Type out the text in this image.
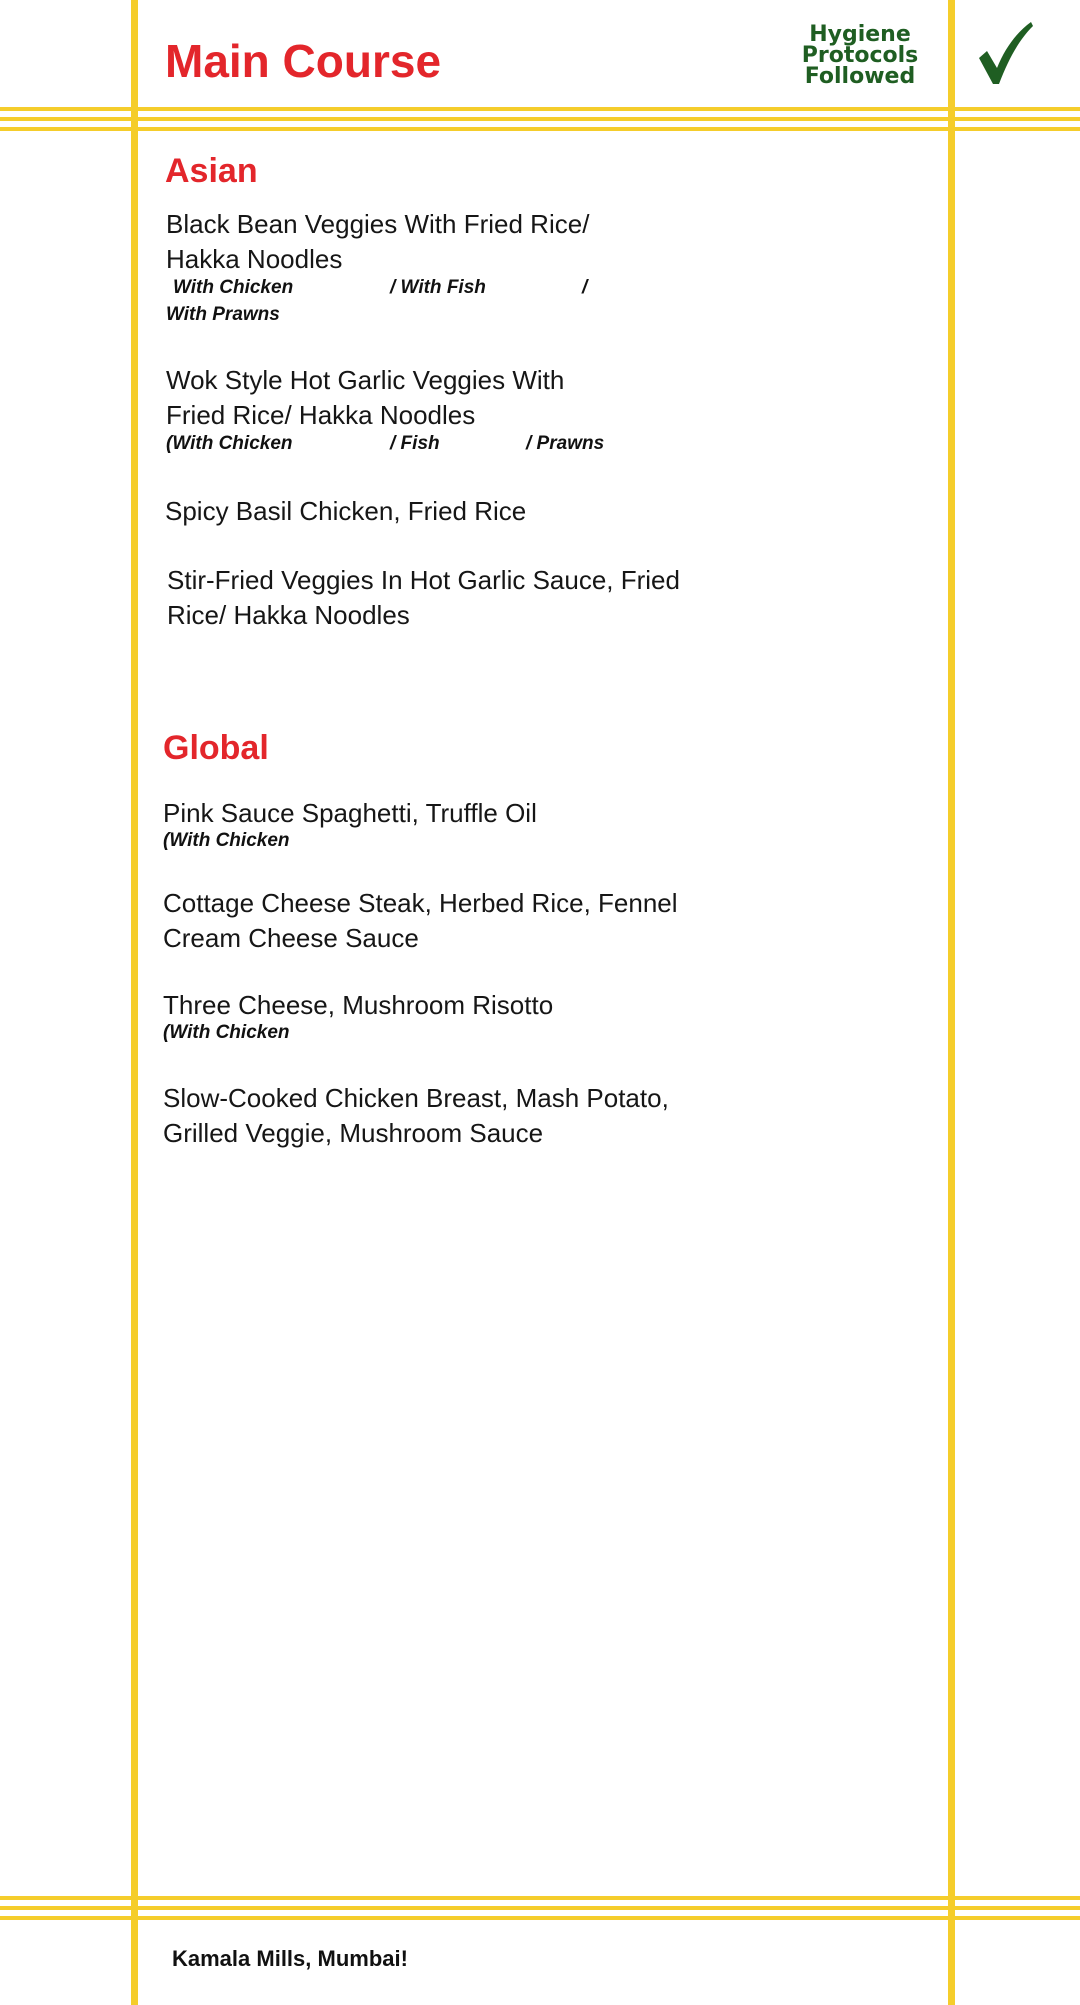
Main Course
Hygiene
Protocols
Followed
Asian
Black Bean Veggies With Fried Rice/
Hakka Noodles
With Chicken	/ With Fish	/
With Prawns
Wok Style Hot Garlic Veggies With
Fried Rice/ Hakka Noodles
(With Chicken	/ Fish	/ Prawns
Spicy Basil Chicken, Fried Rice
Stir-Fried Veggies In Hot Garlic Sauce, Fried
Rice/ Hakka Noodles
Global
Pink Sauce Spaghetti, Truffle Oil
(With Chicken
Cottage Cheese Steak, Herbed Rice, Fennel
Cream Cheese Sauce
Three Cheese, Mushroom Risotto
(With Chicken
Slow-Cooked Chicken Breast, Mash Potato,
Grilled Veggie, Mushroom Sauce
Kamala Mills, Mumbai!
